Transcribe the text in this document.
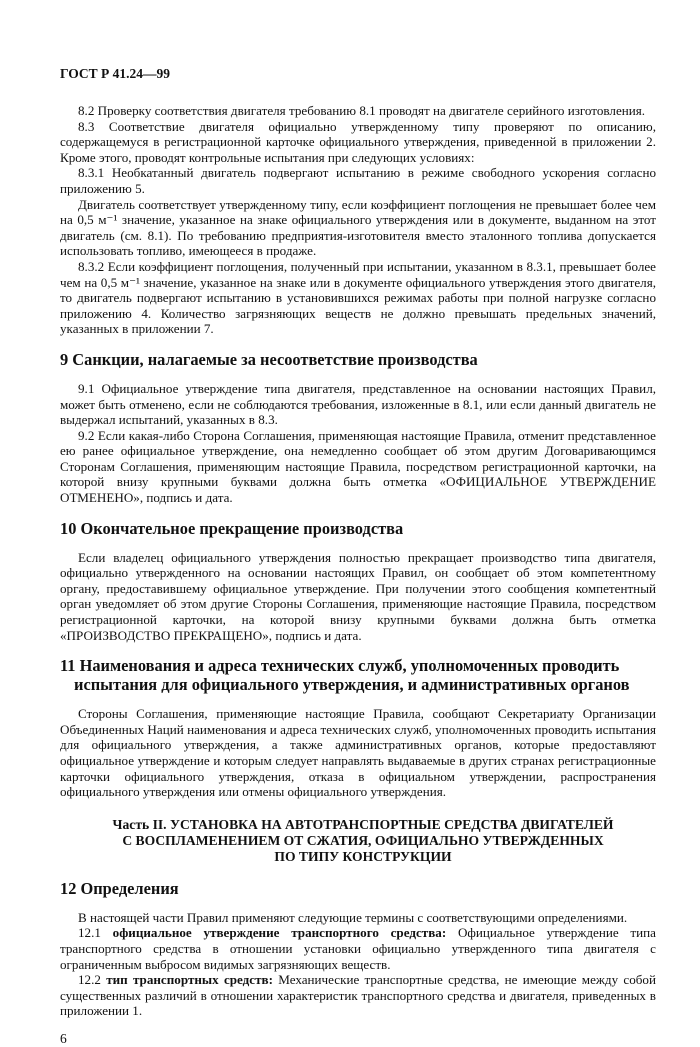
ГОСТ Р 41.24—99

8.2 Проверку соответствия двигателя требованию 8.1 проводят на двигателе серийного изготовления.

8.3 Соответствие двигателя официально утвержденному типу проверяют по описанию, содержащемуся в регистрационной карточке официального утверждения, приведенной в приложении 2. Кроме этого, проводят контрольные испытания при следующих условиях:

8.3.1 Необкатанный двигатель подвергают испытанию в режиме свободного ускорения согласно приложению 5.

Двигатель соответствует утвержденному типу, если коэффициент поглощения не превышает более чем на 0,5 м⁻¹ значение, указанное на знаке официального утверждения или в документе, выданном на этот двигатель (см. 8.1). По требованию предприятия-изготовителя вместо эталонного топлива допускается использовать топливо, имеющееся в продаже.

8.3.2 Если коэффициент поглощения, полученный при испытании, указанном в 8.3.1, превышает более чем на 0,5 м⁻¹ значение, указанное на знаке или в документе официального утверждения этого двигателя, то двигатель подвергают испытанию в установившихся режимах работы при полной нагрузке согласно приложению 4. Количество загрязняющих веществ не должно превышать предельных значений, указанных в приложении 7.

9 Санкции, налагаемые за несоответствие производства

9.1 Официальное утверждение типа двигателя, представленное на основании настоящих Правил, может быть отменено, если не соблюдаются требования, изложенные в 8.1, или если данный двигатель не выдержал испытаний, указанных в 8.3.

9.2 Если какая-либо Сторона Соглашения, применяющая настоящие Правила, отменит представленное ею ранее официальное утверждение, она немедленно сообщает об этом другим Договаривающимся Сторонам Соглашения, применяющим настоящие Правила, посредством регистрационной карточки, на которой внизу крупными буквами должна быть отметка «ОФИЦИАЛЬНОЕ УТВЕРЖДЕНИЕ ОТМЕНЕНО», подпись и дата.

10 Окончательное прекращение производства

Если владелец официального утверждения полностью прекращает производство типа двигателя, официально утвержденного на основании настоящих Правил, он сообщает об этом компетентному органу, предоставившему официальное утверждение. При получении этого сообщения компетентный орган уведомляет об этом другие Стороны Соглашения, применяющие настоящие Правила, посредством регистрационной карточки, на которой внизу крупными буквами должна быть отметка «ПРОИЗВОДСТВО ПРЕКРАЩЕНО», подпись и дата.

11 Наименования и адреса технических служб, уполномоченных проводить

испытания для официального утверждения, и административных органов

Стороны Соглашения, применяющие настоящие Правила, сообщают Секретариату Организации Объединенных Наций наименования и адреса технических служб, уполномоченных проводить испытания для официального утверждения, а также административных органов, которые предоставляют официальное утверждение и которым следует направлять выдаваемые в других странах регистрационные карточки официального утверждения, отказа в официальном утверждении, распространения официального утверждения или отмены официального утверждения.

Часть II. УСТАНОВКА НА АВТОТРАНСПОРТНЫЕ СРЕДСТВА ДВИГАТЕЛЕЙ
С ВОСПЛАМЕНЕНИЕМ ОТ СЖАТИЯ, ОФИЦИАЛЬНО УТВЕРЖДЕННЫХ
ПО ТИПУ КОНСТРУКЦИИ
12 Определения

В настоящей части Правил применяют следующие термины с соответствующими определениями.

12.1 официальное утверждение транспортного средства: Официальное утверждение типа транспортного средства в отношении установки официально утвержденного типа двигателя с ограниченным выбросом видимых загрязняющих веществ.

12.2 тип транспортных средств: Механические транспортные средства, не имеющие между собой существенных различий в отношении характеристик транспортного средства и двигателя, приведенных в приложении 1.

6
